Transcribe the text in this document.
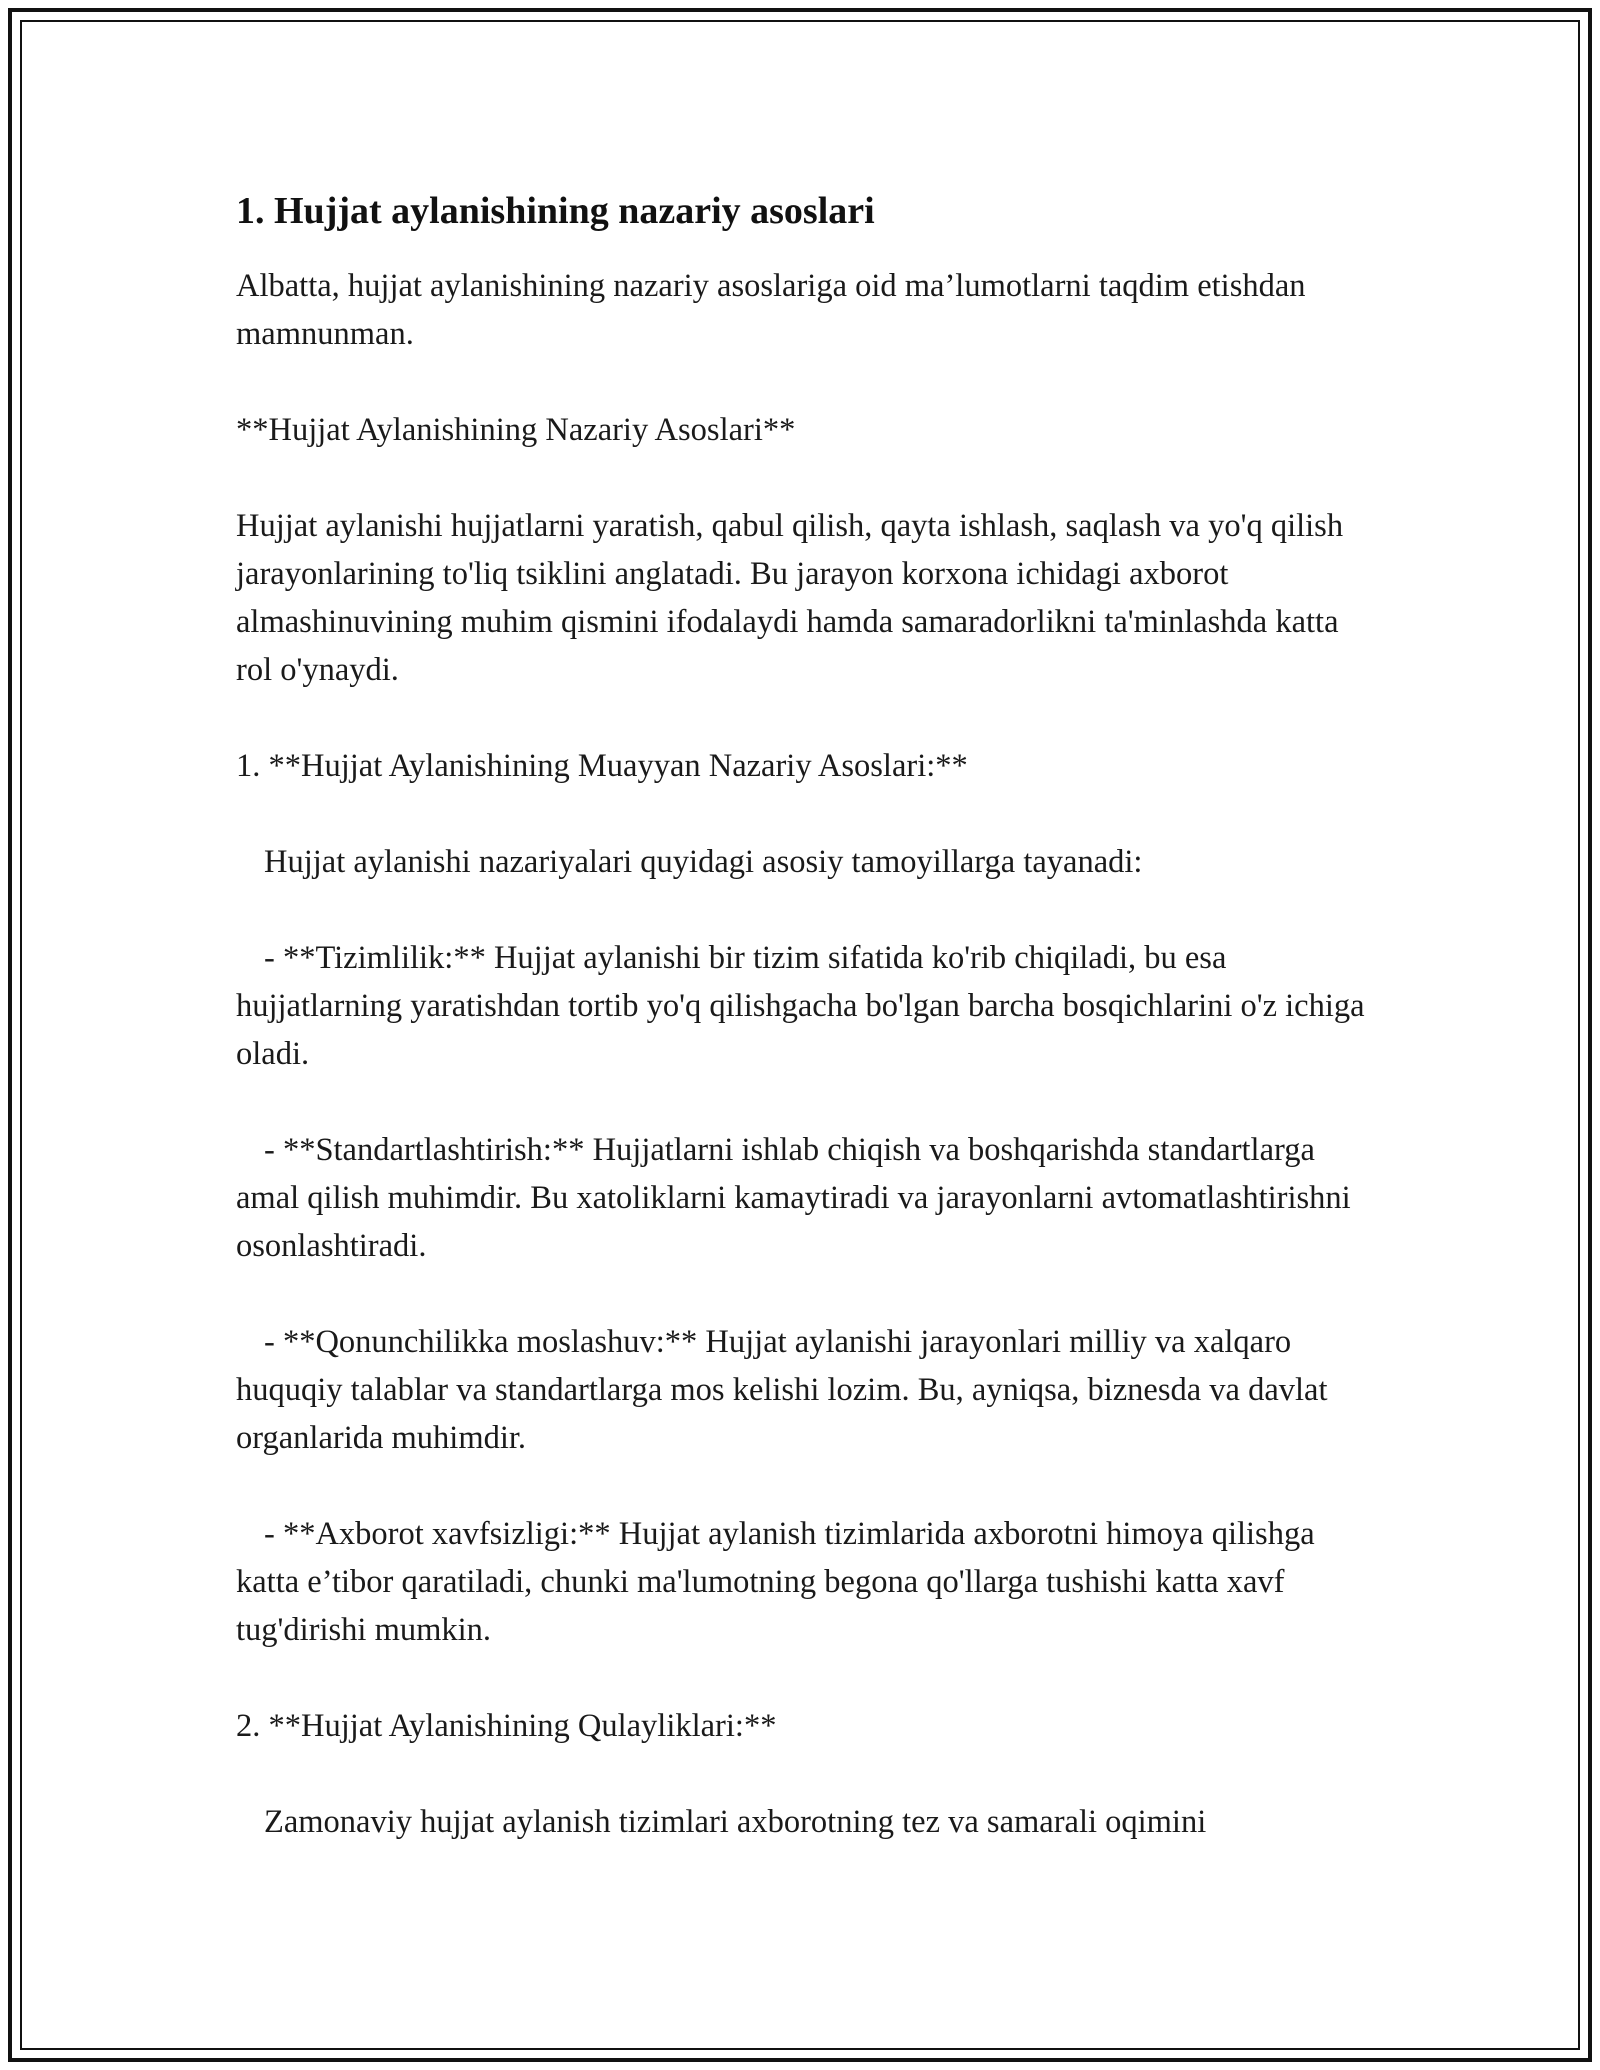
1. Hujjat aylanishining nazariy asoslari

Albatta, hujjat aylanishining nazariy asoslariga oid ma’lumotlarni taqdim etishdan mamnunman.

**Hujjat Aylanishining Nazariy Asoslari**

Hujjat aylanishi hujjatlarni yaratish, qabul qilish, qayta ishlash, saqlash va yo'q qilish jarayonlarining to'liq tsiklini anglatadi. Bu jarayon korxona ichidagi axborot almashinuvining muhim qismini ifodalaydi hamda samaradorlikni ta'minlashda katta rol o'ynaydi.

1. **Hujjat Aylanishining Muayyan Nazariy Asoslari:**

Hujjat aylanishi nazariyalari quyidagi asosiy tamoyillarga tayanadi:

- **Tizimlilik:** Hujjat aylanishi bir tizim sifatida ko'rib chiqiladi, bu esa hujjatlarning yaratishdan tortib yo'q qilishgacha bo'lgan barcha bosqichlarini o'z ichiga oladi.

- **Standartlashtirish:** Hujjatlarni ishlab chiqish va boshqarishda standartlarga amal qilish muhimdir. Bu xatoliklarni kamaytiradi va jarayonlarni avtomatlashtirishni osonlashtiradi.

- **Qonunchilikka moslashuv:** Hujjat aylanishi jarayonlari milliy va xalqaro huquqiy talablar va standartlarga mos kelishi lozim. Bu, ayniqsa, biznesda va davlat organlarida muhimdir.

- **Axborot xavfsizligi:** Hujjat aylanish tizimlarida axborotni himoya qilishga katta e’tibor qaratiladi, chunki ma'lumotning begona qo'llarga tushishi katta xavf tug'dirishi mumkin.

2. **Hujjat Aylanishining Qulayliklari:**

Zamonaviy hujjat aylanish tizimlari axborotning tez va samarali oqimini
